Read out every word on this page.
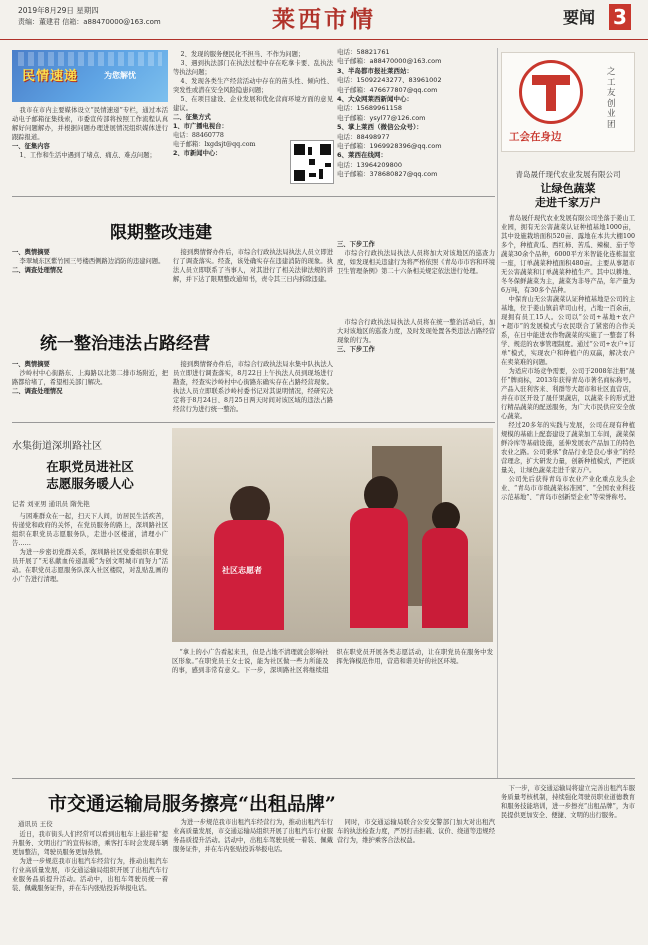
2019年8月29日 星期四
责编：董建君 信箱：a88470000@163.com	莱西市情	要闻 3
民情速递	为您解忧

我市在市内主要媒体设立“民情速递”专栏，通过本活动电子邮箱征集线索，市委宣传部将按照工作流程认真解好问题解办，并根据问题办理进展情况组织媒体进行跟踪报道。

一、征集内容

1、工作和生活中遇到了堵点、痛点、难点问题；

2、发现的服务便民化不担当、不作为问题；

3、遇到执法部门在执法过程中存在吃拿卡要、乱执法等执法问题；

4、发现各类生产经营活动中存在的苗头性、倾向性、突发性或潜在安全风险隐患问题；

5、在项目建设、企业发展和优化营商环境方面的意见建议。

二、征集方式
1、市广播电视台：
电话：88460778
电子邮箱：lxgdsjt@qq.com
2、市新闻中心：
电话：58821761
电子邮箱：a88470000@163.com
3、半岛都市报社莱西站：
电话：15092243277、83961002
电子邮箱：476677807@qq.com
4、大众网莱西新闻中心：
电话：15689961158
电子邮箱：ysyl77@126.com
5、掌上莱西（微信公众号）：
电话：88498977
电子邮箱：1969928396@qq.com
6、莱西在线网：
电话：13964209800
电子邮箱：378680827@qq.com
工会在身边
之工友创业团
青岛晟仟现代农业发展有限公司
让绿色蔬菜
走进千家万户

青岛晟仟现代农业发展有限公司坐落于姜山工业园，拥有无公害蔬菜认证种植基地1000亩，其中设施栽培面积520亩、露地在本共大棚100多个，种植黄瓜、西红柿、苦瓜、辣椒、茄子等蔬菜30余个品种，6000平方米智能化连栋温室一座，订单蔬菜种植面积480亩。主要从事超市无公害蔬菜和订单蔬菜种植生产。其中以耕地、冬冬保鲜蔬菜为主，蔬菜为非导产品，年产量为6万吨，有30多个品种。

中保育山无公害蔬菜认证种植基地是公司的主基地，位于姜山镇前辈司山村，占地一百余亩，现拥有员工15人。公司以“公司+基地+农户+超市”的发展模式与农民联合了紧密的合作关系，在日中能进农作物蔬菜的实施了一整套了科学、规范的农事管理制度。通过“公司+农户+订单”模式，实现农户和种植户的双赢，解决农户在卖菜难的问题。

为适应市场竞争需要，公司于2008年注册“晟仟”牌商标，2013年获得青岛市著名商标称号。产品入驻利客来、利群等大超市和社区直营店，并在市区开设了晟仟果蔬店，以蔬菜卡的形式进行精品蔬菜的配送服务，为广大市民供应安全放心蔬菜。

经过20多年的实践与发展，公司在现有种植规模的基础上配套建设了蔬菜加工车间，蔬菜保鲜冷库等基础设施，延伸发展农产品加工的特色农业之路。公司秉承“食品行业是良心事业”的经营理念，扩大研发力量，创新种植模式，严把质量关，让绿色蔬菜走进千家万户。

公司先后获得青岛市农业产业化重点龙头企业、“青岛市市级蔬菜标准园”、“全国农业科技示范基地”、“青岛市创新型企业”等荣誉称号。

限期整改违建
一、舆情摘要

李翠城东区紫竹园三号楼西侧路边消防的违建问题。

二、调查处理情况

接到舆情督办件后，市综合行政执法局执法人员立即进行了调查落实。经查，该处确实存在违建消防的现象。执法人员立即联系了当事人，对其进行了相关法律法规的讲解，并下达了限期整改通知书，责令其三日内拆除违建。

三、下步工作

市综合行政执法局执法人员将加大对该地区的巡查力度，如发现相关违建行为将严格依照《青岛市市容和环境卫生管理条例》第二十六条相关规定依法进行处理。

统一整治违法占路经营
一、舆情摘要

沙岭村中心街路东、上海路以北第二排市场附近，把路都给堵了，希望相关部门解决。

二、调查处理情况

接到舆情督办件后，市综合行政执法局水集中队执法人员立即进行调查落实，8月22日上午执法人员到现场进行勘查，经查实沙岭村中心街路东确实存在占路经营现象。执法人员立即联系沙岭村委书记对其说明情况，经研究决定将于8月24日、8月25日两天时间对该区域的违法占路经营行为进行统一整治。

市综合行政执法局执法人员将在统一整治活动后，加大对该地区的巡查力度，及时发现处置各类违法占路经营现象的行为。

三、下步工作
水集街道深圳路社区
在职党员进社区
志愿服务暖人心
记者 刘亚男 通讯员 隋先艳

与困难群众在一起，扫天下人间，访居民生活疾苦，传递党和政府的关怀，在党员服务的路上，深圳路社区组织在职党员志愿服务队，走进小区楼道，清理小广告……

为进一步密切党群关系，深圳路社区党委组织在职党员开展了“无私献血传递温暖”为创文明城市而努力”活动。在职党员志愿服务队深入社区楼院，对乱贴乱画的小广告进行清理。

社区志愿者

“拿上的小广告看起来丑，但是占地不清理就会影响社区形象。”在职党员王女士说，能为社区做一些力所能及的事，感到非常有意义。下一步，深圳路社区将继续组织在职党员开展各类志愿活动，让在职党员在服务中发挥先锋模范作用，营造和谐美好的社区环境。

市交通运输局服务擦亮“出租品牌”
通讯员 王佼

近日，我市街头人们经常可以看到出租车上悬挂着“提升服务、文明出行”的宣传标语，乘客打车时会发现车辆更加整洁，驾驶员服务更加热情。

为进一步规范我市出租汽车经营行为，推动出租汽车行业高质量发展，市交通运输局组织开展了出租汽车行业服务品质提升活动。活动中，出租车驾驶员统一着装、佩戴服务证件，并在车内张贴投诉举报电话。

为进一步规范我市出租汽车经营行为，推动出租汽车行业高质量发展，市交通运输局组织开展了出租汽车行业服务品质提升活动。活动中，出租车驾驶员统一着装、佩戴服务证件，并在车内张贴投诉举报电话。

同时，市交通运输局联合公安交警部门加大对出租汽车的执法检查力度，严厉打击拒载、议价、绕道等违规经营行为，维护乘客合法权益。

下一步，市交通运输局将建立完善出租汽车服务质量考核机制，持续强化驾驶员职业道德教育和服务技能培训，进一步擦亮“出租品牌”，为市民提供更加安全、便捷、文明的出行服务。
